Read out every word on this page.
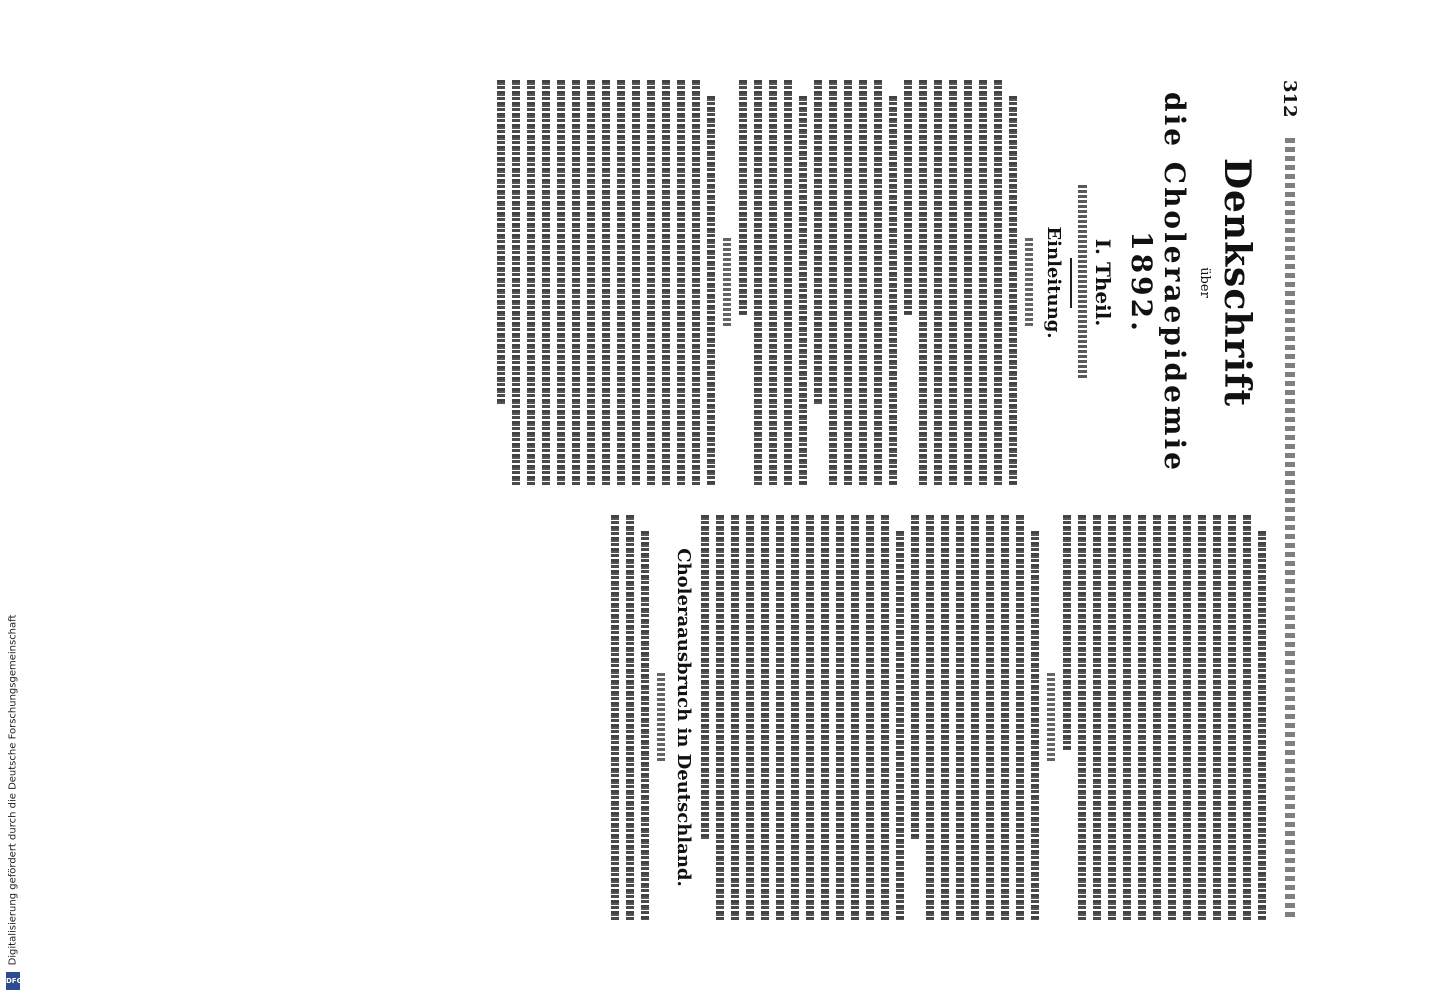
Digitalisierung gefördert durch die Deutsche Forschungsgemeinschaft
DFG
312
Denkschrift
über
die Choleraepidemie 1892.
I. Theil.
Einleitung.
Choleraausbruch in Deutschland.
